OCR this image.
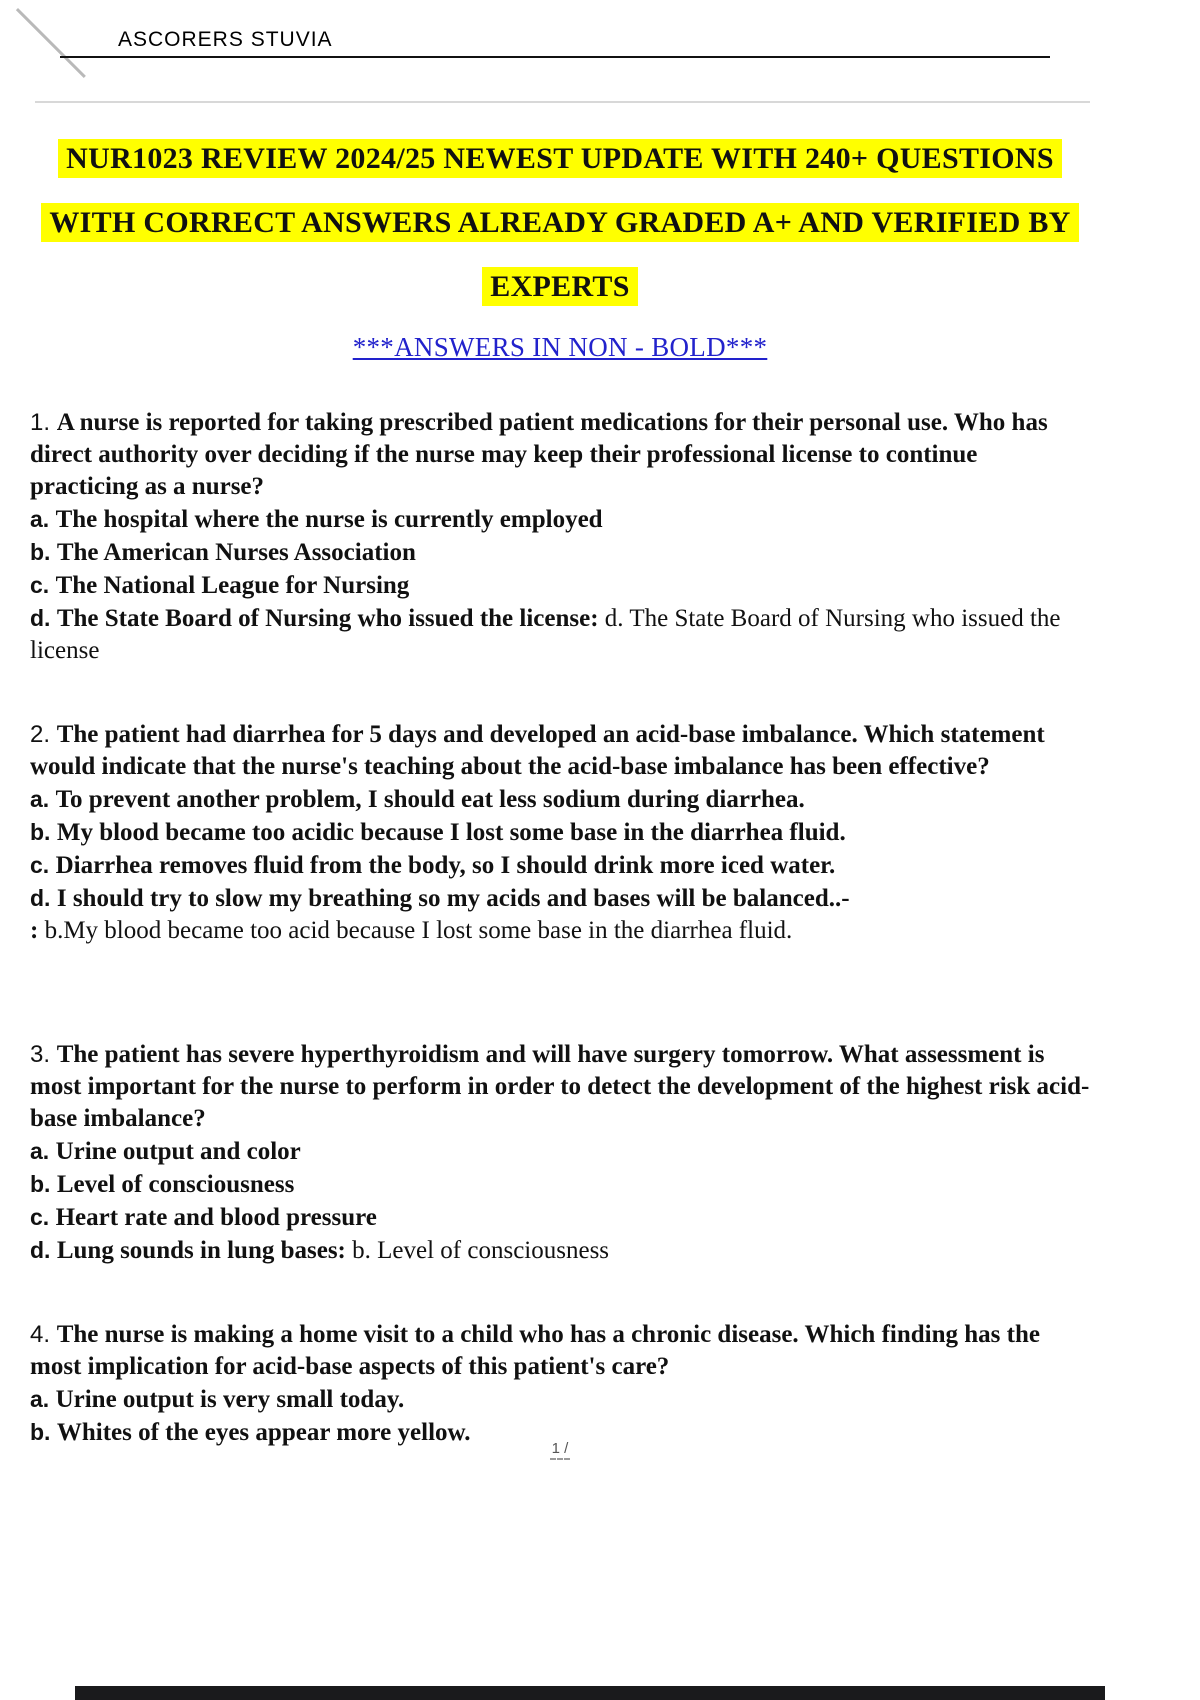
ASCORERS STUVIA
NUR1023 REVIEW 2024/25 NEWEST UPDATE WITH 240+ QUESTIONS
WITH CORRECT ANSWERS ALREADY GRADED A+ AND VERIFIED BY
EXPERTS
***ANSWERS IN NON - BOLD***

1. A nurse is reported for taking prescribed patient medications for their personal use. Who has direct authority over deciding if the nurse may keep their professional license to continue practicing as a nurse?

a. The hospital where the nurse is currently employed

b. The American Nurses Association

c. The National League for Nursing

d. The State Board of Nursing who issued the license: d. The State Board of Nursing who issued the license

2. The patient had diarrhea for 5 days and developed an acid-base imbalance. Which statement would indicate that the nurse's teaching about the acid-base imbalance has been effective?

a. To prevent another problem, I should eat less sodium during diarrhea.

b. My blood became too acidic because I lost some base in the diarrhea fluid.

c. Diarrhea removes fluid from the body, so I should drink more iced water.

d. I should try to slow my breathing so my acids and bases will be balanced..-
: b.My blood became too acid because I lost some base in the diarrhea fluid.

3. The patient has severe hyperthyroidism and will have surgery tomorrow. What assessment is most important for the nurse to perform in order to detect the development of the highest risk acid-base imbalance?

a. Urine output and color

b. Level of consciousness

c. Heart rate and blood pressure

d. Lung sounds in lung bases: b. Level of consciousness

4. The nurse is making a home visit to a child who has a chronic disease. Which finding has the most implication for acid-base aspects of this patient's care?

a. Urine output is very small today.

b. Whites of the eyes appear more yellow.

1 /
